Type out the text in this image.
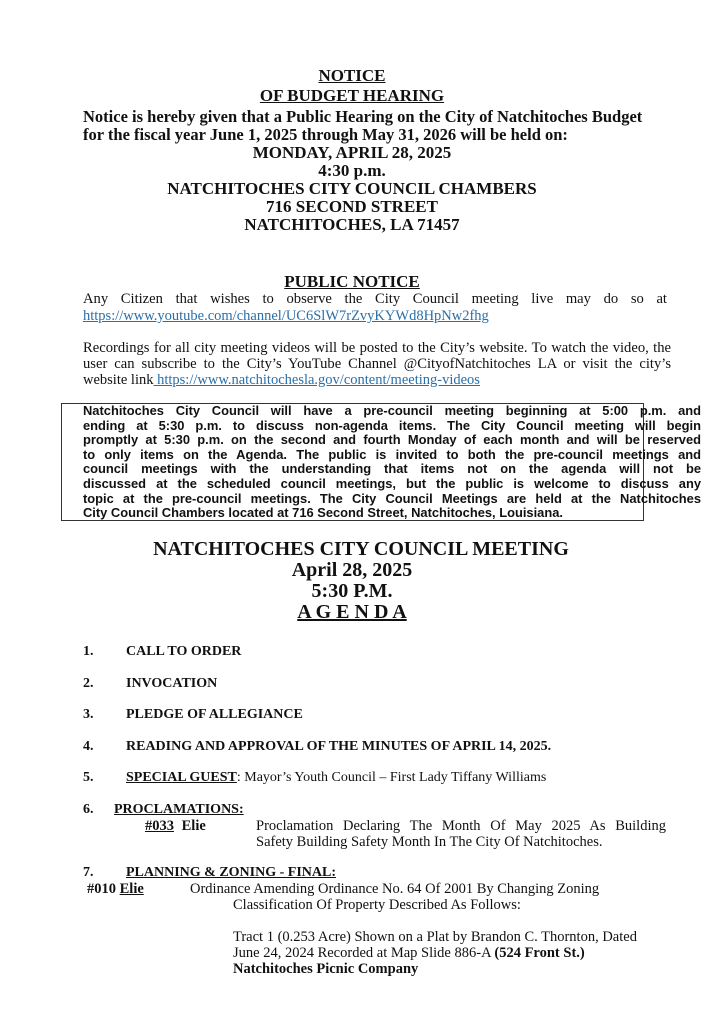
NOTICE
OF BUDGET HEARING
Notice is hereby given that a Public Hearing on the City of Natchitoches Budget
for the fiscal year June 1, 2025 through May 31, 2026 will be held on:
MONDAY, APRIL 28, 2025
4:30 p.m.
NATCHITOCHES CITY COUNCIL CHAMBERS
716 SECOND STREET
NATCHITOCHES, LA 71457
PUBLIC NOTICE
Any Citizen that wishes to observe the City Council meeting live may do so at
https://www.youtube.com/channel/UC6SlW7rZvyKYWd8HpNw2fhg
Recordings for all city meeting videos will be posted to the City’s website. To watch the video, the
user can subscribe to the City’s YouTube Channel @CityofNatchitoches LA or visit the city’s
website link https://www.natchitochesla.gov/content/meeting-videos
Natchitoches City Council will have a pre-council meeting beginning at 5:00 p.m. and
ending at 5:30 p.m. to discuss non-agenda items. The City Council meeting will begin
promptly at 5:30 p.m. on the second and fourth Monday of each month and will be reserved
to only items on the Agenda. The public is invited to both the pre-council meetings and
council meetings with the understanding that items not on the agenda will not be
discussed at the scheduled council meetings, but the public is welcome to discuss any
topic at the pre-council meetings. The City Council Meetings are held at the Natchitoches
City Council Chambers located at 716 Second Street, Natchitoches, Louisiana.
NATCHITOCHES CITY COUNCIL MEETING
April 28, 2025
5:30 P.M.
A G E N D A
1. CALL TO ORDER
2. INVOCATION
3. PLEDGE OF ALLEGIANCE
4. READING AND APPROVAL OF THE MINUTES OF APRIL 14, 2025.
5. SPECIAL GUEST: Mayor’s Youth Council – First Lady Tiffany Williams
6. PROCLAMATIONS:
#033 Elie	Proclamation Declaring The Month Of May 2025 As Building
Safety Building Safety Month In The City Of Natchitoches.
7. PLANNING & ZONING - FINAL:
#010 Elie	Ordinance Amending Ordinance No. 64 Of 2001 By Changing Zoning
Classification Of Property Described As Follows:
Tract 1 (0.253 Acre) Shown on a Plat by Brandon C. Thornton, Dated
June 24, 2024 Recorded at Map Slide 886-A (524 Front St.)
Natchitoches Picnic Company
